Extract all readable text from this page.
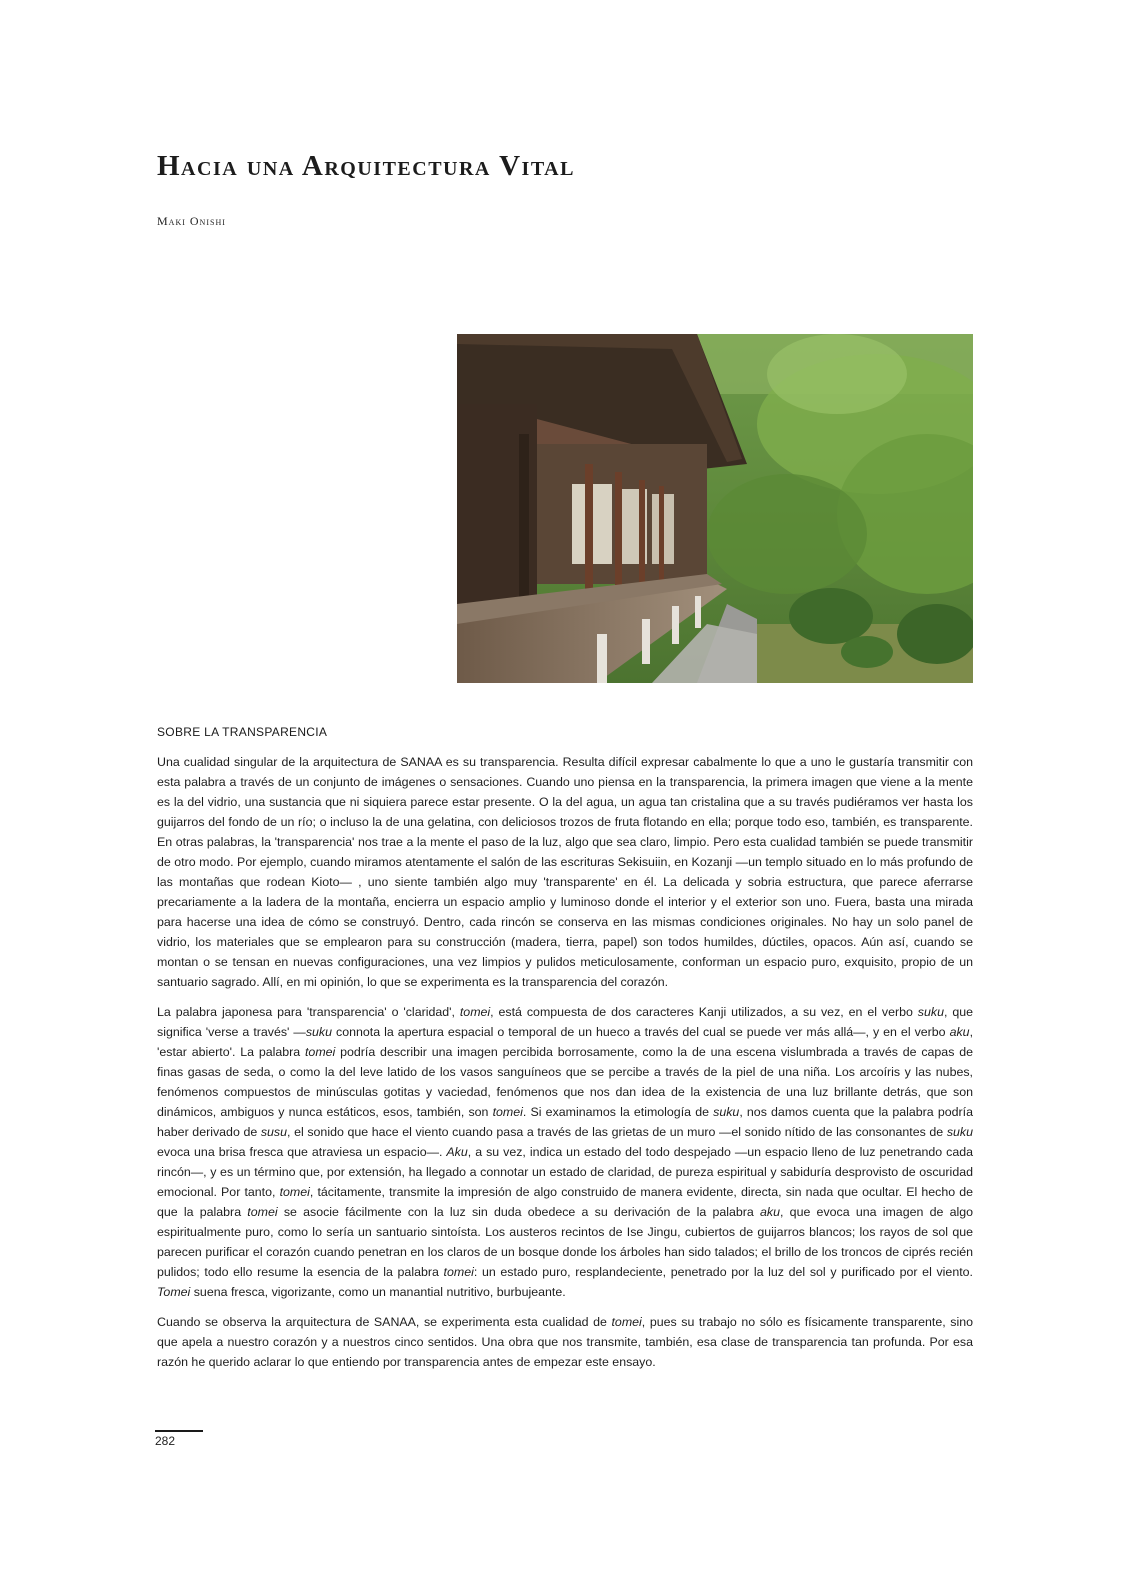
Hacia una Arquitectura Vital

Maki Onishi

SOBRE LA TRANSPARENCIA

Una cualidad singular de la arquitectura de SANAA es su transparencia. Resulta difícil expresar cabalmente lo que a uno le gustaría transmitir con esta palabra a través de un conjunto de imágenes o sensaciones. Cuando uno piensa en la transparencia, la primera imagen que viene a la mente es la del vidrio, una sustancia que ni siquiera parece estar presente. O la del agua, un agua tan cristalina que a su través pudiéramos ver hasta los guijarros del fondo de un río; o incluso la de una gelatina, con deliciosos trozos de fruta flotando en ella; porque todo eso, también, es transparente. En otras palabras, la 'transparencia' nos trae a la mente el paso de la luz, algo que sea claro, limpio. Pero esta cualidad también se puede transmitir de otro modo. Por ejemplo, cuando miramos atentamente el salón de las escrituras Sekisuiin, en Kozanji —un templo situado en lo más profundo de las montañas que rodean Kioto— , uno siente también algo muy 'transparente' en él. La delicada y sobria estructura, que parece aferrarse precariamente a la ladera de la montaña, encierra un espacio amplio y luminoso donde el interior y el exterior son uno. Fuera, basta una mirada para hacerse una idea de cómo se construyó. Dentro, cada rincón se conserva en las mismas condiciones originales. No hay un solo panel de vidrio, los materiales que se emplearon para su construcción (madera, tierra, papel) son todos humildes, dúctiles, opacos. Aún así, cuando se montan o se tensan en nuevas configuraciones, una vez limpios y pulidos meticulosamente, conforman un espacio puro, exquisito, propio de un santuario sagrado. Allí, en mi opinión, lo que se experimenta es la transparencia del corazón.

La palabra japonesa para 'transparencia' o 'claridad', tomei, está compuesta de dos caracteres Kanji utilizados, a su vez, en el verbo suku, que significa 'verse a través' —suku connota la apertura espacial o temporal de un hueco a través del cual se puede ver más allá—, y en el verbo aku, 'estar abierto'. La palabra tomei podría describir una imagen percibida borrosamente, como la de una escena vislumbrada a través de capas de finas gasas de seda, o como la del leve latido de los vasos sanguíneos que se percibe a través de la piel de una niña. Los arcoíris y las nubes, fenómenos compuestos de minúsculas gotitas y vaciedad, fenómenos que nos dan idea de la existencia de una luz brillante detrás, que son dinámicos, ambiguos y nunca estáticos, esos, también, son tomei. Si examinamos la etimología de suku, nos damos cuenta que la palabra podría haber derivado de susu, el sonido que hace el viento cuando pasa a través de las grietas de un muro —el sonido nítido de las consonantes de suku evoca una brisa fresca que atraviesa un espacio—. Aku, a su vez, indica un estado del todo despejado —un espacio lleno de luz penetrando cada rincón—, y es un término que, por extensión, ha llegado a connotar un estado de claridad, de pureza espiritual y sabiduría desprovisto de oscuridad emocional. Por tanto, tomei, tácitamente, transmite la impresión de algo construido de manera evidente, directa, sin nada que ocultar. El hecho de que la palabra tomei se asocie fácilmente con la luz sin duda obedece a su derivación de la palabra aku, que evoca una imagen de algo espiritualmente puro, como lo sería un santuario sintoísta. Los austeros recintos de Ise Jingu, cubiertos de guijarros blancos; los rayos de sol que parecen purificar el corazón cuando penetran en los claros de un bosque donde los árboles han sido talados; el brillo de los troncos de ciprés recién pulidos; todo ello resume la esencia de la palabra tomei: un estado puro, resplandeciente, penetrado por la luz del sol y purificado por el viento. Tomei suena fresca, vigorizante, como un manantial nutritivo, burbujeante.

Cuando se observa la arquitectura de SANAA, se experimenta esta cualidad de tomei, pues su trabajo no sólo es físicamente transparente, sino que apela a nuestro corazón y a nuestros cinco sentidos. Una obra que nos transmite, también, esa clase de transparencia tan profunda. Por esa razón he querido aclarar lo que entiendo por transparencia antes de empezar este ensayo.

282
